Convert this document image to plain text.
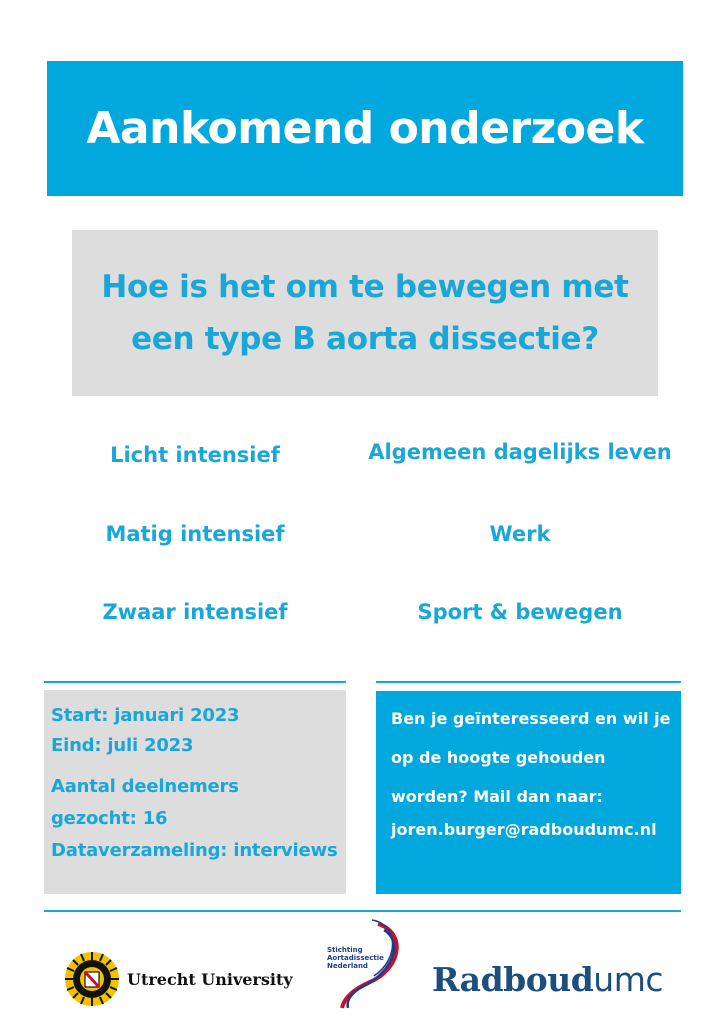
Aankomend onderzoek
Hoe is het om te bewegen met
een type B aorta dissectie?
Licht intensief
Matig intensief
Zwaar intensief
Algemeen dagelijks leven
Werk
Sport & bewegen
Start: januari 2023
Eind: juli 2023
Aantal deelnemers
gezocht: 16
Dataverzameling: interviews
Ben je geïnteresseerd en wil je
op de hoogte gehouden
worden? Mail dan naar:
joren.burger@radboudumc.nl
Utrecht University
Stichting
Aortadissectie
Nederland Radboudumc
